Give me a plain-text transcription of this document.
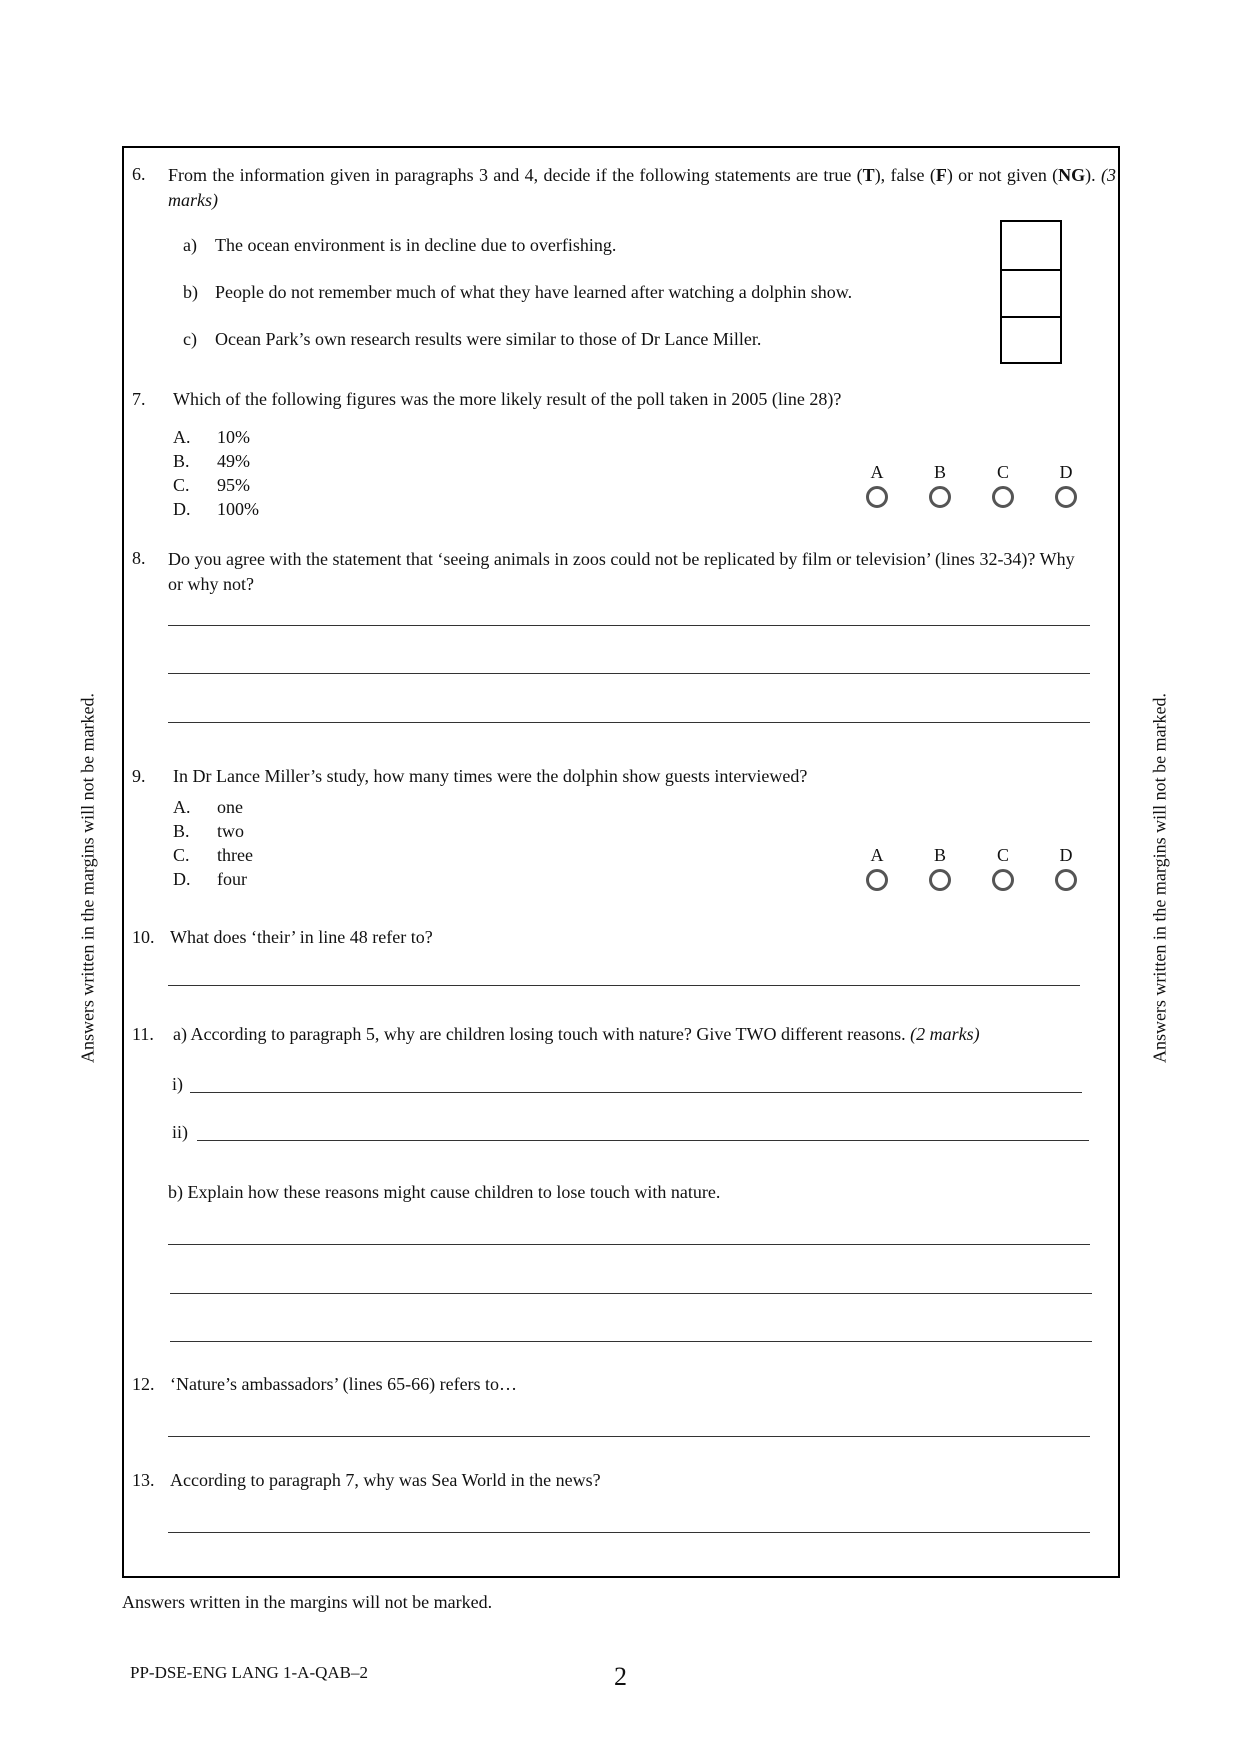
Answers written in the margins will not be marked.	Answers written in the margins will not be marked.
6. From the information given in paragraphs 3 and 4, decide if the following statements are true (T), false (F) or not given (NG). (3 marks)
a) The ocean environment is in decline due to overfishing.
b) People do not remember much of what they have learned after watching a dolphin show.
c) Ocean Park’s own research results were similar to those of Dr Lance Miller.
7. Which of the following figures was the more likely result of the poll taken in 2005 (line 28)?
A. 10%
B. 49%
C. 95%
D. 100%
A	B	C	D
8. Do you agree with the statement that ‘seeing animals in zoos could not be replicated by film or television’ (lines 32-34)? Why or why not?
9. In Dr Lance Miller’s study, how many times were the dolphin show guests interviewed?
A. one
B. two
C. three
D. four
A	B	C	D
10. What does ‘their’ in line 48 refer to?
11. a) According to paragraph 5, why are children losing touch with nature? Give TWO different reasons. (2 marks)
i)
ii)
b) Explain how these reasons might cause children to lose touch with nature.
12. ‘Nature’s ambassadors’ (lines 65-66) refers to…
13. According to paragraph 7, why was Sea World in the news?
Answers written in the margins will not be marked.
PP-DSE-ENG LANG 1-A-QAB–2	2
